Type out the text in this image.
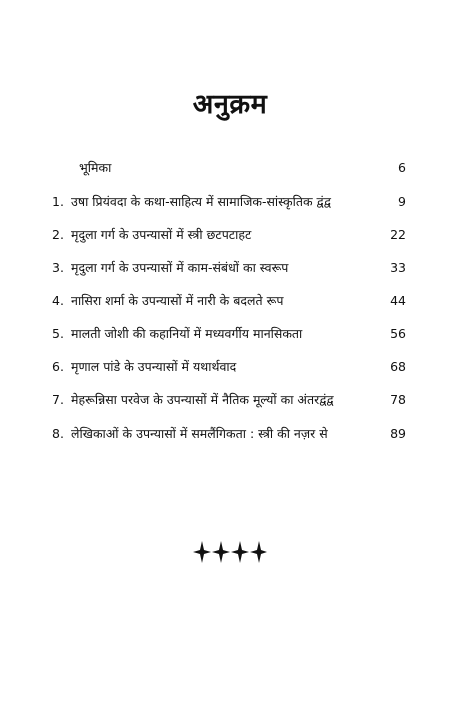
अनुक्रम
भूमिका	6
1. उषा प्रियंवदा के कथा-साहित्य में सामाजिक-सांस्कृतिक द्वंद्व	9
2. मृदुला गर्ग के उपन्यासों में स्त्री छटपटाहट	22
3. मृदुला गर्ग के उपन्यासों में काम-संबंधों का स्वरूप	33
4. नासिरा शर्मा के उपन्यासों में नारी के बदलते रूप	44
5. मालती जोशी की कहानियों में मध्यवर्गीय मानसिकता	56
6. मृणाल पांडे के उपन्यासों में यथार्थवाद	68
7. मेहरून्निसा परवेज के उपन्यासों में नैतिक मूल्यों का अंतरद्वंद्व	78
8. लेखिकाओं के उपन्यासों में समलैंगिकता : स्त्री की नज़र से	89
